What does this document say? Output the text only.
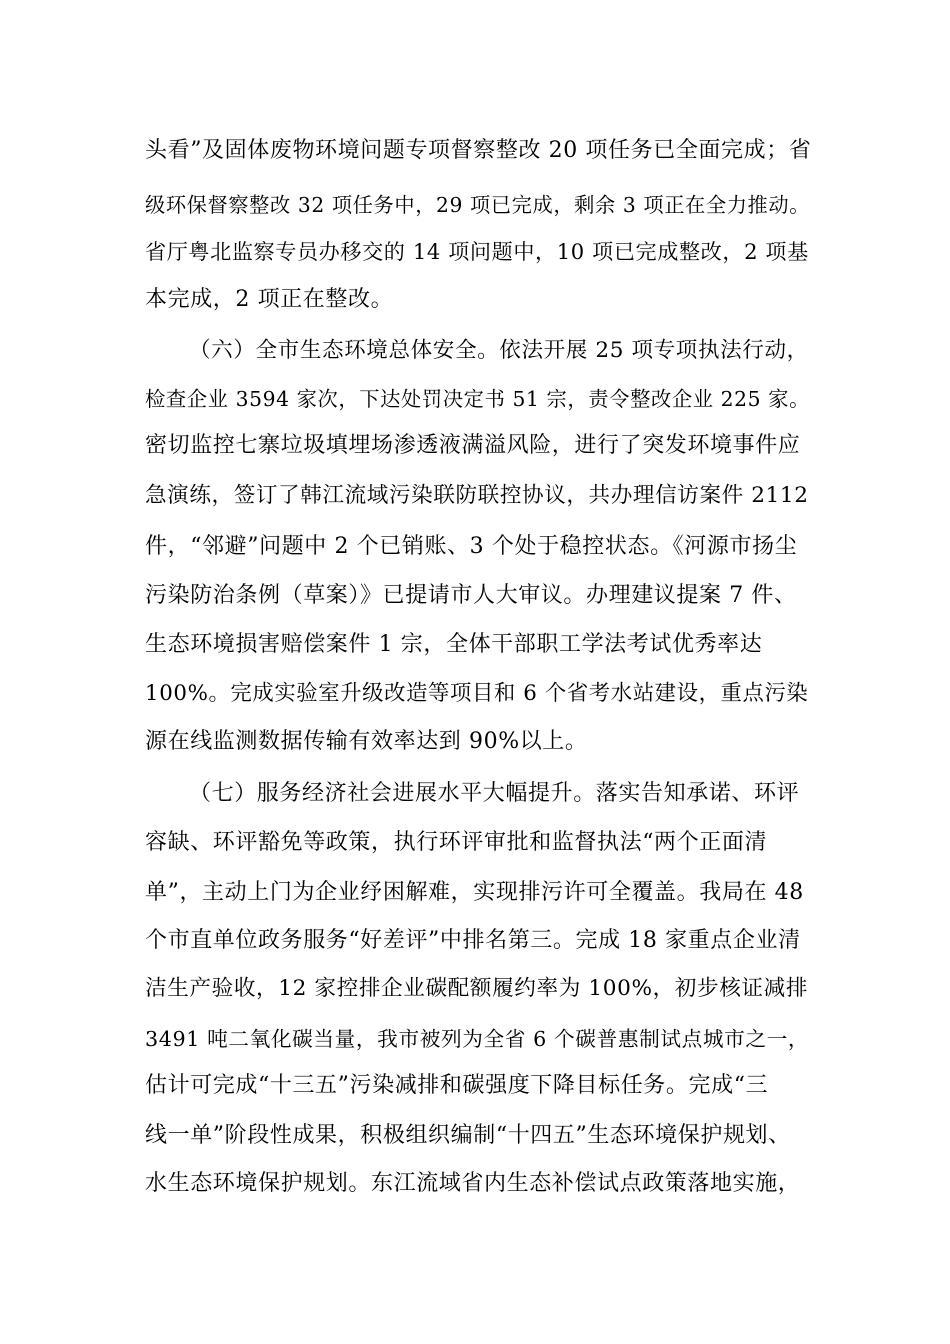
头看”及固体废物环境问题专项督察整改 20 项任务已全面完成；省
级环保督察整改 32 项任务中，29 项已完成，剩余 3 项正在全力推动。
省厅粤北监察专员办移交的 14 项问题中，10 项已完成整改，2 项基
本完成，2 项正在整改。
（六）全市生态环境总体安全。依法开展 25 项专项执法行动，
检查企业 3594 家次，下达处罚决定书 51 宗，责令整改企业 225 家。
密切监控七寨垃圾填埋场渗透液满溢风险，进行了突发环境事件应
急演练，签订了韩江流域污染联防联控协议，共办理信访案件 2112
件，“邻避”问题中 2 个已销账、3 个处于稳控状态。《河源市扬尘
污染防治条例（草案）》已提请市人大审议。办理建议提案 7 件、
生态环境损害赔偿案件 1 宗，全体干部职工学法考试优秀率达
100%。完成实验室升级改造等项目和 6 个省考水站建设，重点污染
源在线监测数据传输有效率达到 90%以上。
（七）服务经济社会进展水平大幅提升。落实告知承诺、环评
容缺、环评豁免等政策，执行环评审批和监督执法“两个正面清
单”，主动上门为企业纾困解难，实现排污许可全覆盖。我局在 48
个市直单位政务服务“好差评”中排名第三。完成 18 家重点企业清
洁生产验收，12 家控排企业碳配额履约率为 100%，初步核证减排
3491 吨二氧化碳当量，我市被列为全省 6 个碳普惠制试点城市之一，
估计可完成“十三五”污染减排和碳强度下降目标任务。完成“三
线一单”阶段性成果，积极组织编制“十四五”生态环境保护规划、
水生态环境保护规划。东江流域省内生态补偿试点政策落地实施，
